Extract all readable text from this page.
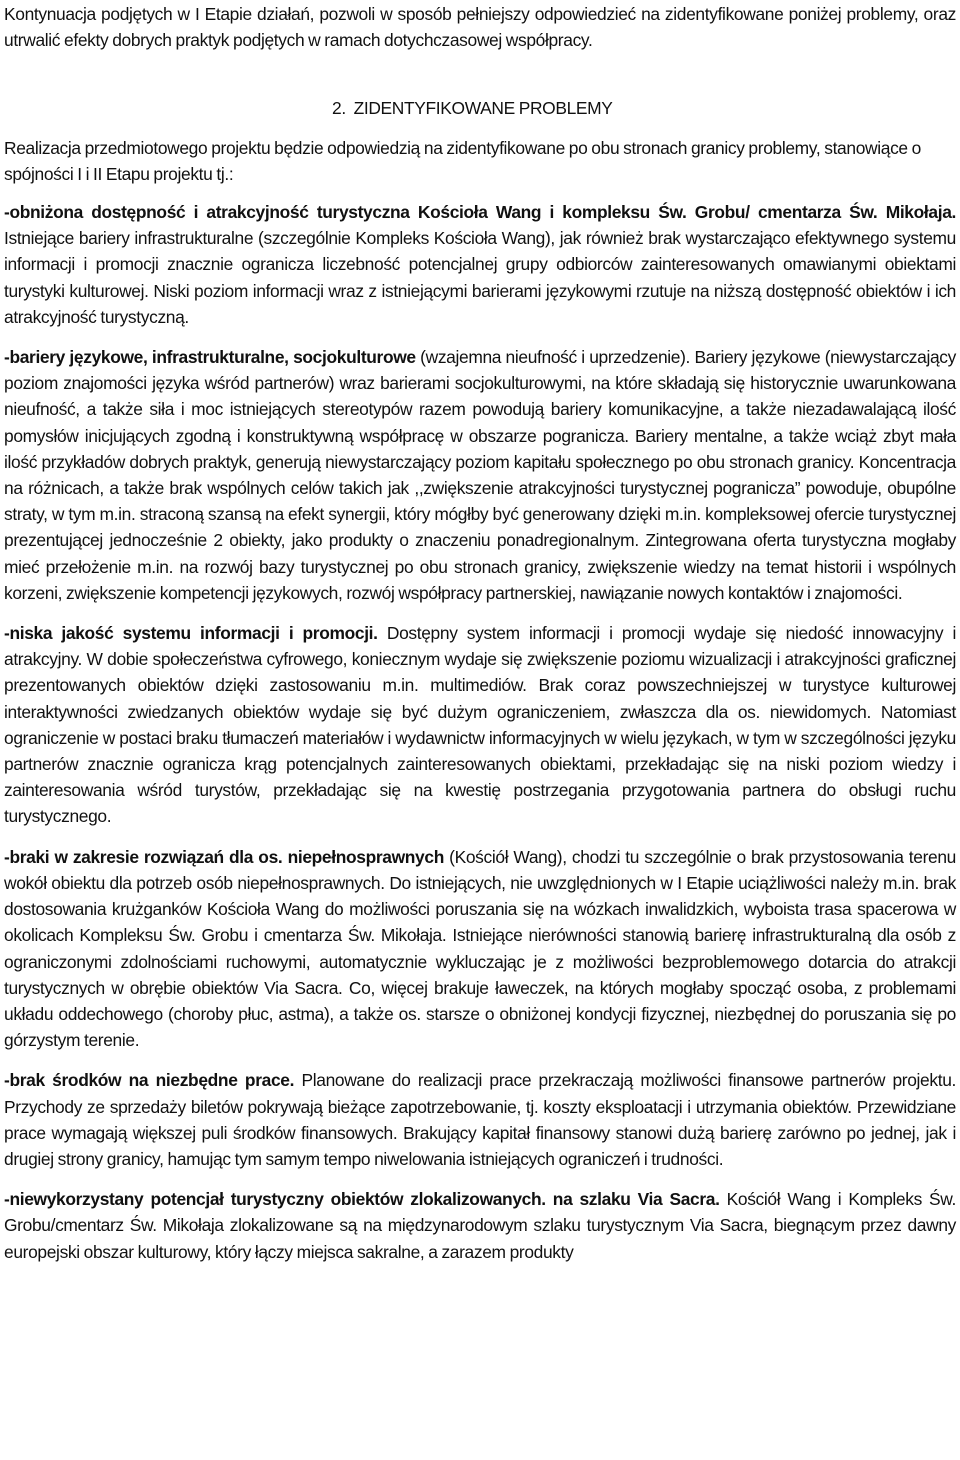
Kontynuacja podjętych w I Etapie działań, pozwoli w sposób pełniejszy odpowiedzieć na zidentyfikowane poniżej problemy, oraz utrwalić efekty dobrych praktyk podjętych w ramach dotychczasowej współpracy.

2. ZIDENTYFIKOWANE PROBLEMY

Realizacja przedmiotowego projektu będzie odpowiedzią na zidentyfikowane po obu stronach granicy problemy, stanowiące o spójności I i II Etapu projektu tj.:

-obniżona dostępność i atrakcyjność turystyczna Kościoła Wang i kompleksu Św. Grobu/ cmentarza Św. Mikołaja. Istniejące bariery infrastrukturalne (szczególnie Kompleks Kościoła Wang), jak również brak wystarczająco efektywnego systemu informacji i promocji znacznie ogranicza liczebność potencjalnej grupy odbiorców zainteresowanych omawianymi obiektami turystyki kulturowej. Niski poziom informacji wraz z istniejącymi barierami językowymi rzutuje na niższą dostępność obiektów i ich atrakcyjność turystyczną.

-bariery językowe, infrastrukturalne, socjokulturowe (wzajemna nieufność i uprzedzenie). Bariery językowe (niewystarczający poziom znajomości języka wśród partnerów) wraz barierami socjokulturowymi, na które składają się historycznie uwarunkowana nieufność, a także siła i moc istniejących stereotypów razem powodują bariery komunikacyjne, a także niezadawalającą ilość pomysłów inicjujących zgodną i konstruktywną współpracę w obszarze pogranicza. Bariery mentalne, a także wciąż zbyt mała ilość przykładów dobrych praktyk, generują niewystarczający poziom kapitału społecznego po obu stronach granicy. Koncentracja na różnicach, a także brak wspólnych celów takich jak ,,zwiększenie atrakcyjności turystycznej pogranicza” powoduje, obupólne straty, w tym m.in. straconą szansą na efekt synergii, który mógłby być generowany dzięki m.in. kompleksowej ofercie turystycznej prezentującej jednocześnie 2 obiekty, jako produkty o znaczeniu ponadregionalnym. Zintegrowana oferta turystyczna mogłaby mieć przełożenie m.in. na rozwój bazy turystycznej po obu stronach granicy, zwiększenie wiedzy na temat historii i wspólnych korzeni, zwiększenie kompetencji językowych, rozwój współpracy partnerskiej, nawiązanie nowych kontaktów i znajomości.

-niska jakość systemu informacji i promocji. Dostępny system informacji i promocji wydaje się niedość innowacyjny i atrakcyjny. W dobie społeczeństwa cyfrowego, koniecznym wydaje się zwiększenie poziomu wizualizacji i atrakcyjności graficznej prezentowanych obiektów dzięki zastosowaniu m.in. multimediów. Brak coraz powszechniejszej w turystyce kulturowej interaktywności zwiedzanych obiektów wydaje się być dużym ograniczeniem, zwłaszcza dla os. niewidomych. Natomiast ograniczenie w postaci braku tłumaczeń materiałów i wydawnictw informacyjnych w wielu językach, w tym w szczególności języku partnerów znacznie ogranicza krąg potencjalnych zainteresowanych obiektami, przekładając się na niski poziom wiedzy i zainteresowania wśród turystów, przekładając się na kwestię postrzegania przygotowania partnera do obsługi ruchu turystycznego.

-braki w zakresie rozwiązań dla os. niepełnosprawnych (Kościół Wang), chodzi tu szczególnie o brak przystosowania terenu wokół obiektu dla potrzeb osób niepełnosprawnych. Do istniejących, nie uwzględnionych w I Etapie uciążliwości należy m.in. brak dostosowania krużganków Kościoła Wang do możliwości poruszania się na wózkach inwalidzkich, wyboista trasa spacerowa w okolicach Kompleksu Św. Grobu i cmentarza Św. Mikołaja. Istniejące nierówności stanowią barierę infrastrukturalną dla osób z ograniczonymi zdolnościami ruchowymi, automatycznie wykluczając je z możliwości bezproblemowego dotarcia do atrakcji turystycznych w obrębie obiektów Via Sacra. Co, więcej brakuje ławeczek, na których mogłaby spocząć osoba, z problemami układu oddechowego (choroby płuc, astma), a także os. starsze o obniżonej kondycji fizycznej, niezbędnej do poruszania się po górzystym terenie.

-brak środków na niezbędne prace. Planowane do realizacji prace przekraczają możliwości finansowe partnerów projektu. Przychody ze sprzedaży biletów pokrywają bieżące zapotrzebowanie, tj. koszty eksploatacji i utrzymania obiektów. Przewidziane prace wymagają większej puli środków finansowych. Brakujący kapitał finansowy stanowi dużą barierę zarówno po jednej, jak i drugiej strony granicy, hamując tym samym tempo niwelowania istniejących ograniczeń i trudności.

-niewykorzystany potencjał turystyczny obiektów zlokalizowanych. na szlaku Via Sacra. Kościół Wang i Kompleks Św. Grobu/cmentarz Św. Mikołaja zlokalizowane są na międzynarodowym szlaku turystycznym Via Sacra, biegnącym przez dawny europejski obszar kulturowy, który łączy miejsca sakralne, a zarazem produkty
